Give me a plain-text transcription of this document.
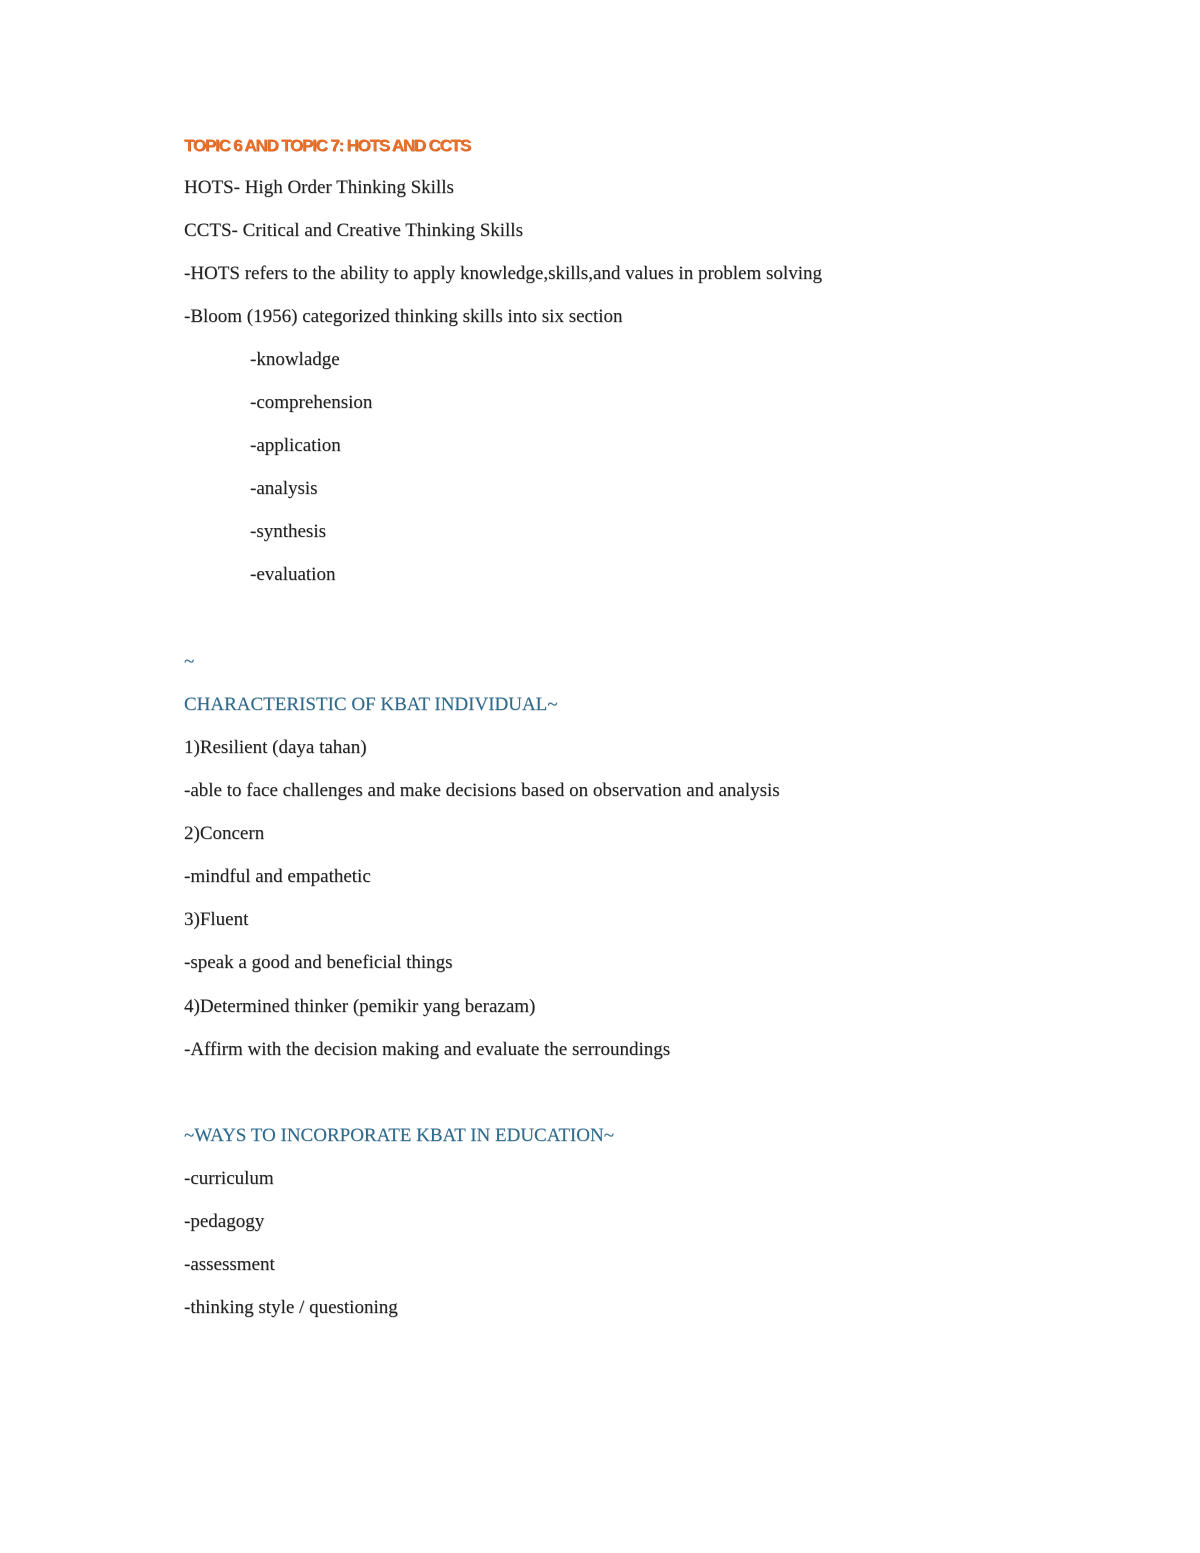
TOPIC 6 AND TOPIC 7: HOTS AND CCTS
HOTS- High Order Thinking Skills
CCTS- Critical and Creative Thinking Skills
-HOTS refers to the ability to apply knowledge,skills,and values in problem solving
-Bloom (1956) categorized thinking skills into six section
-knowladge
-comprehension
-application
-analysis
-synthesis
-evaluation
~
CHARACTERISTIC OF KBAT INDIVIDUAL~
1)Resilient (daya tahan)
-able to face challenges and make decisions based on observation and analysis
2)Concern
-mindful and empathetic
3)Fluent
-speak a good and beneficial things
4)Determined thinker (pemikir yang berazam)
-Affirm with the decision making and evaluate the serroundings
~WAYS TO INCORPORATE KBAT IN EDUCATION~
-curriculum
-pedagogy
-assessment
-thinking style / questioning
